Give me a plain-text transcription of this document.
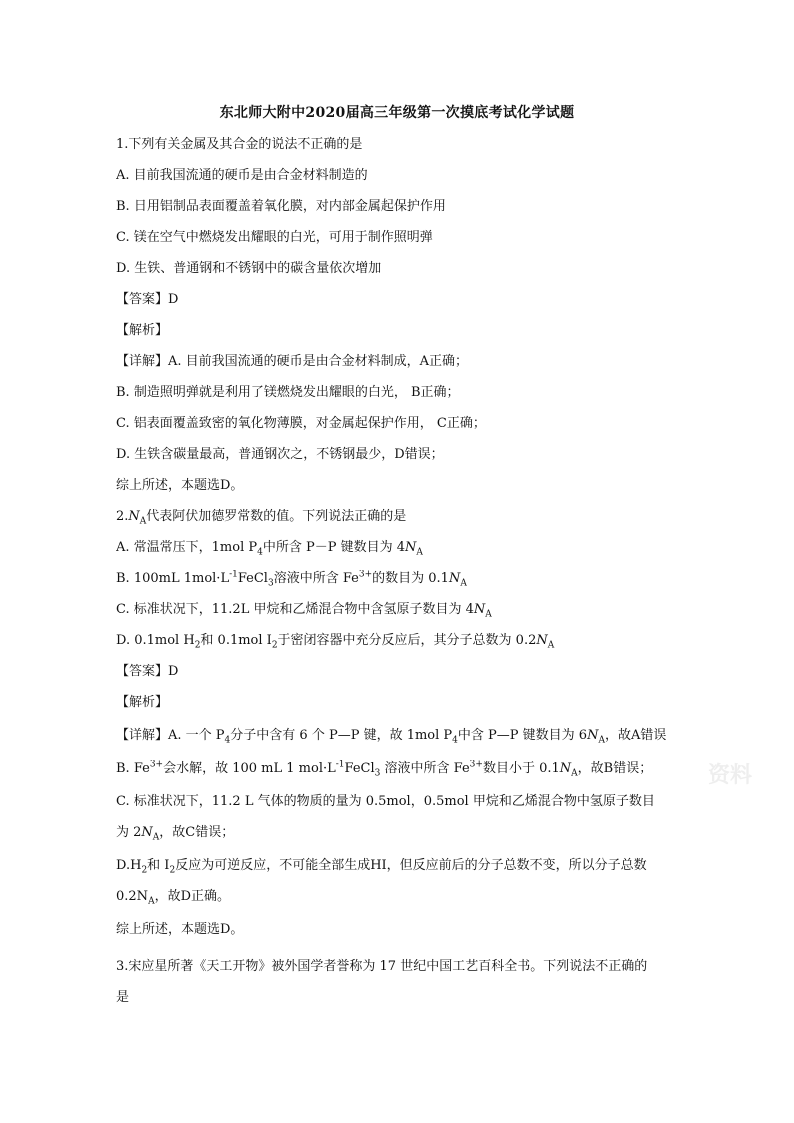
东北师大附中2020届高三年级第一次摸底考试化学试题
1.下列有关金属及其合金的说法不正确的是
A. 目前我国流通的硬币是由合金材料制造的
B. 日用铝制品表面覆盖着氧化膜，对内部金属起保护作用
C. 镁在空气中燃烧发出耀眼的白光，可用于制作照明弹
D. 生铁、普通钢和不锈钢中的碳含量依次增加
【答案】D
【解析】
【详解】A. 目前我国流通的硬币是由合金材料制成，A正确；
B. 制造照明弹就是利用了镁燃烧发出耀眼的白光， B正确；
C. 铝表面覆盖致密的氧化物薄膜，对金属起保护作用， C正确；
D. 生铁含碳量最高，普通钢次之，不锈钢最少，D错误；
综上所述，本题选D。
$2.N_A$代表阿伏加德罗常数的值。下列说法正确的是
A. 常温常压下，1mol $P_4$中所含 P－P 键数目为 $4N_A$
B. 100mL $1mol\cdot L^{-1}FeCl_3$溶液中所含 $Fe^{3+}$的数目为 $0.1N_A$
C. 标准状况下，11.2L 甲烷和乙烯混合物中含氢原子数目为 $4N_A$
D. 0.1mol $H_2$和 0.1mol $I_2$于密闭容器中充分反应后，其分子总数为 $0.2N_A$
【答案】D
【解析】
【详解】A. 一个 $P_4$分子中含有 6 个 P—P 键，故 1mol $P_4$中含 P—P 键数目为 $6N_A$，故A错误
B. $Fe^{3+}$会水解，故 100 mL 1 $mol\cdot L^{-1}FeCl_3$ 溶液中所含 $Fe^{3+}$数目小于 $0.1N_A$，故B错误；
C. 标准状况下，11.2 L 气体的物质的量为 0.5mol，0.5mol 甲烷和乙烯混合物中氢原子数目
为 $2N_A$，故C错误；
$D.H_2$和 $I_2$反应为可逆反应，不可能全部生成HI，但反应前后的分子总数不变，所以分子总数
$0.2N_A$，故D正确。
综上所述，本题选D。
3.宋应星所著《天工开物》被外国学者誉称为 17 世纪中国工艺百科全书。下列说法不正确的
是
资料
